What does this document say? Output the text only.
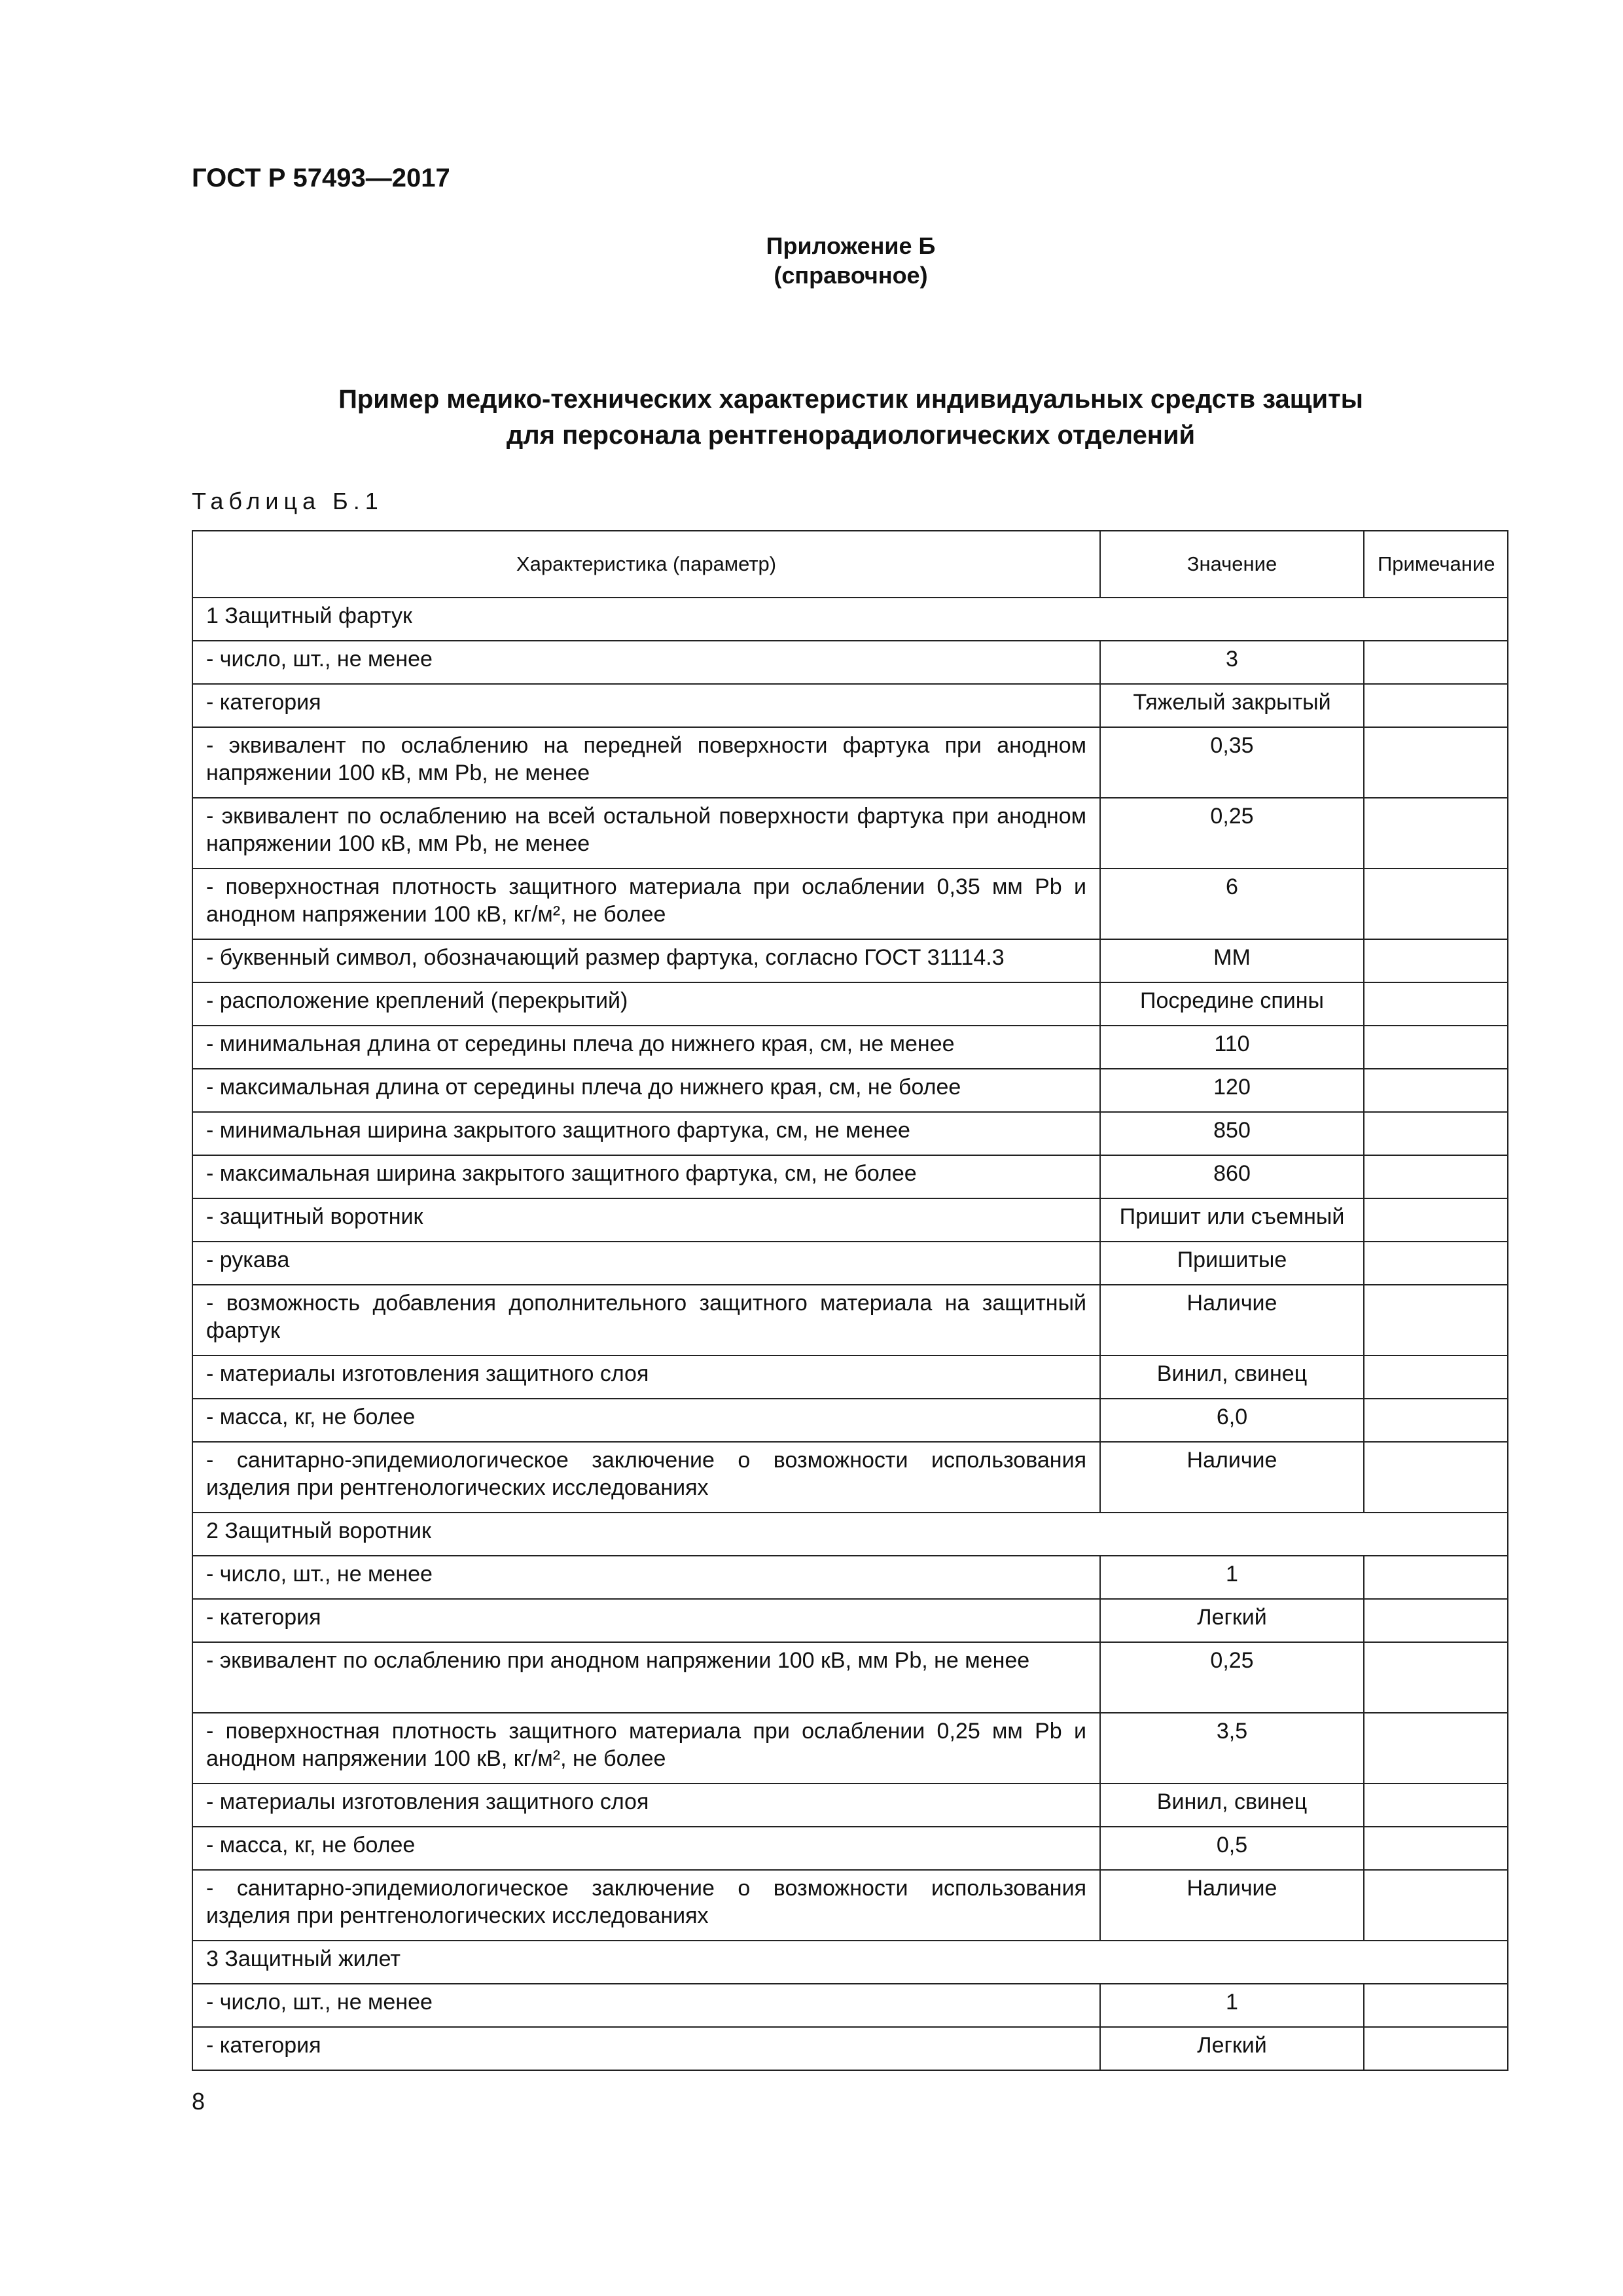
ГОСТ Р 57493—2017
Приложение Б
(справочное)
Пример медико-технических характеристик индивидуальных средств защиты
для персонала рентгенорадиологических отделений
Таблица Б.1
Характеристика (параметр)	Значение	Примечание
1 Защитный фартук		
- число, шт., не менее	3	
- категория	Тяжелый закрытый	
- эквивалент по ослаблению на передней поверхности фартука при анодном напряжении 100 кВ, мм Pb, не менее	0,35	
- эквивалент по ослаблению на всей остальной поверхности фартука при анодном напряжении 100 кВ, мм Pb, не менее	0,25	
- поверхностная плотность защитного материала при ослаблении 0,35 мм Pb и анодном напряжении 100 кВ, кг/м², не более	6	
- буквенный символ, обозначающий размер фартука, согласно ГОСТ 31114.3	ММ	
- расположение креплений (перекрытий)	Посредине спины	
- минимальная длина от середины плеча до нижнего края, см, не менее	110	
- максимальная длина от середины плеча до нижнего края, см, не более	120	
- минимальная ширина закрытого защитного фартука, см, не менее	850	
- максимальная ширина закрытого защитного фартука, см, не более	860	
- защитный воротник	Пришит или съемный	
- рукава	Пришитые	
- возможность добавления дополнительного защитного материала на защитный фартук	Наличие	
- материалы изготовления защитного слоя	Винил, свинец	
- масса, кг, не более	6,0	
- санитарно-эпидемиологическое заключение о возможности использования изделия при рентгенологических исследованиях	Наличие	
2 Защитный воротник		
- число, шт., не менее	1	
- категория	Легкий	
- эквивалент по ослаблению при анодном напряжении 100 кВ, мм Pb, не менее	0,25	
- поверхностная плотность защитного материала при ослаблении 0,25 мм Pb и анодном напряжении 100 кВ, кг/м², не более	3,5	
- материалы изготовления защитного слоя	Винил, свинец	
- масса, кг, не более	0,5	
- санитарно-эпидемиологическое заключение о возможности использования изделия при рентгенологических исследованиях	Наличие	
3 Защитный жилет		
- число, шт., не менее	1	
- категория	Легкий	
8
